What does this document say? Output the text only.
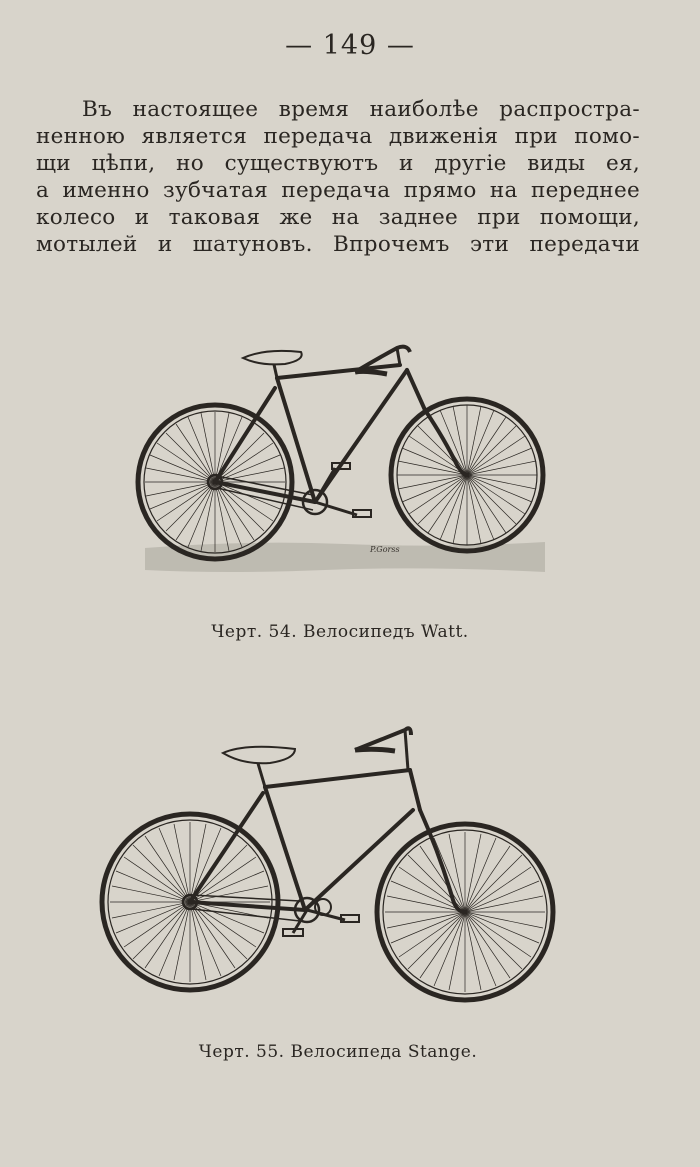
— 149 —
Въ настоящее время наиболѣе распростра-
ненною является передача движенія при помо-
щи цѣпи, но существуютъ и другіе виды ея,
а именно зубчатая передача прямо на переднее
колесо и таковая же на заднее при помощи,
мотылей и шатуновъ. Впрочемъ эти передачи
P.Gorss
Черт. 54. Велосипедъ Watt.
Черт. 55. Велосипеда Stange.
